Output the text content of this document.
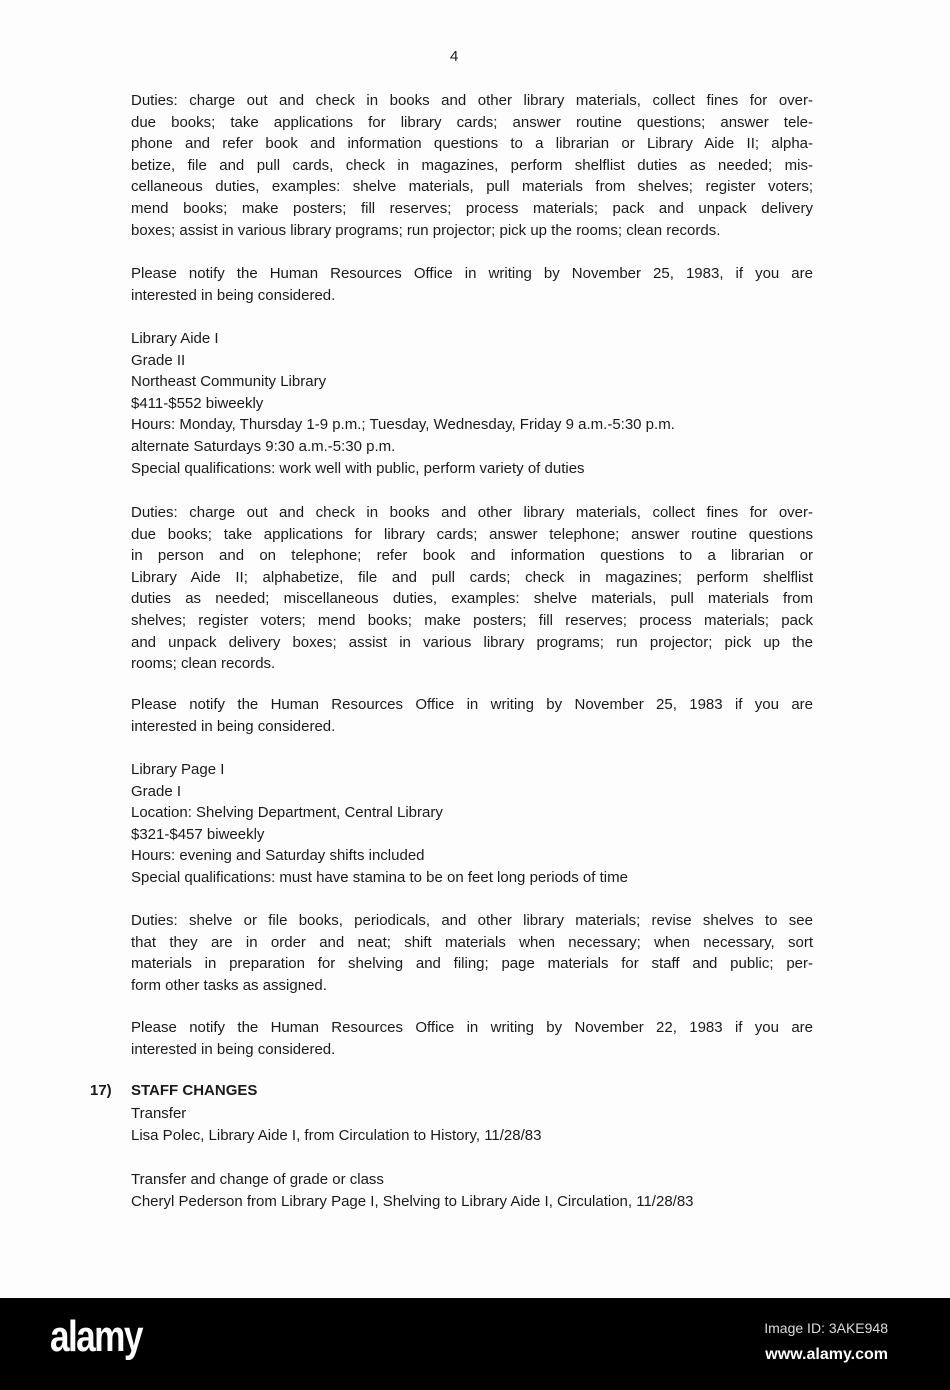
4
17) STAFF CHANGES
Duties: charge out and check in books and other library materials, collect fines for over-
due books; take applications for library cards; answer routine questions; answer tele-
phone and refer book and information questions to a librarian or Library Aide II; alpha-
betize, file and pull cards, check in magazines, perform shelflist duties as needed; mis-
cellaneous duties, examples: shelve materials, pull materials from shelves; register voters;
mend books; make posters; fill reserves; process materials; pack and unpack delivery
boxes; assist in various library programs; run projector; pick up the rooms; clean records.
Please notify the Human Resources Office in writing by November 25, 1983, if you are
interested in being considered.
Library Aide I
Grade II
Northeast Community Library
$411-$552 biweekly
Hours: Monday, Thursday 1-9 p.m.; Tuesday, Wednesday, Friday 9 a.m.-5:30 p.m.
alternate Saturdays 9:30 a.m.-5:30 p.m.
Special qualifications: work well with public, perform variety of duties
Duties: charge out and check in books and other library materials, collect fines for over-
due books; take applications for library cards; answer telephone; answer routine questions
in person and on telephone; refer book and information questions to a librarian or
Library Aide II; alphabetize, file and pull cards; check in magazines; perform shelflist
duties as needed; miscellaneous duties, examples: shelve materials, pull materials from
shelves; register voters; mend books; make posters; fill reserves; process materials; pack
and unpack delivery boxes; assist in various library programs; run projector; pick up the
rooms; clean records.
Please notify the Human Resources Office in writing by November 25, 1983 if you are
interested in being considered.
Library Page I
Grade I
Location: Shelving Department, Central Library
$321-$457 biweekly
Hours: evening and Saturday shifts included
Special qualifications: must have stamina to be on feet long periods of time
Duties: shelve or file books, periodicals, and other library materials; revise shelves to see
that they are in order and neat; shift materials when necessary; when necessary, sort
materials in preparation for shelving and filing; page materials for staff and public; per-
form other tasks as assigned.
Please notify the Human Resources Office in writing by November 22, 1983 if you are
interested in being considered.
Transfer
Lisa Polec, Library Aide I, from Circulation to History, 11/28/83
Transfer and change of grade or class
Cheryl Pederson from Library Page I, Shelving to Library Aide I, Circulation, 11/28/83
alamy	Image ID: 3AKE948
www.alamy.com
